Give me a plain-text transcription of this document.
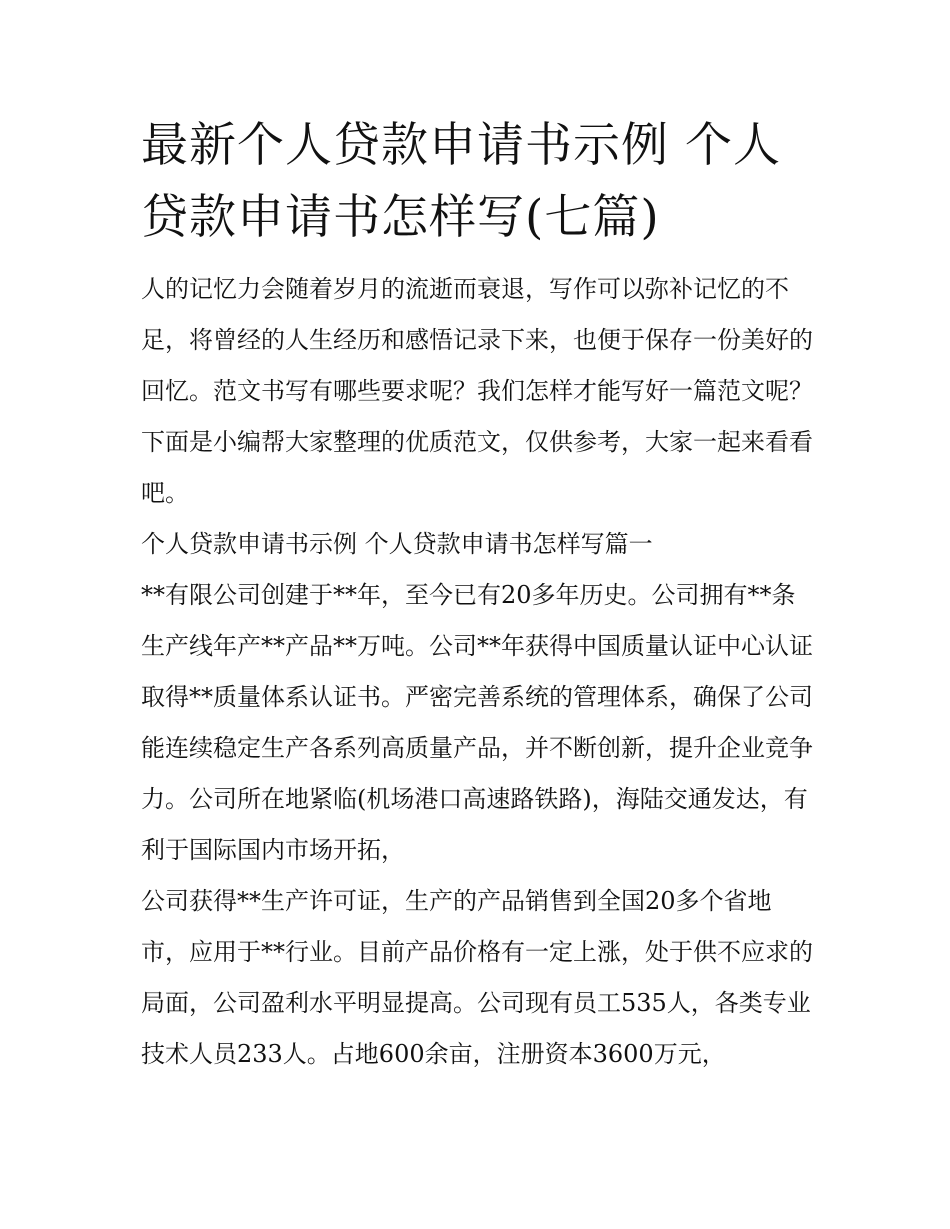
最新个人贷款申请书示例 个人贷款申请书怎样写(七篇)

人的记忆力会随着岁月的流逝而衰退，写作可以弥补记忆的不足，将曾经的人生经历和感悟记录下来，也便于保存一份美好的回忆。范文书写有哪些要求呢？我们怎样才能写好一篇范文呢？下面是小编帮大家整理的优质范文，仅供参考，大家一起来看看吧。

个人贷款申请书示例 个人贷款申请书怎样写篇一

**有限公司创建于**年，至今已有20多年历史。公司拥有**条生产线年产**产品**万吨。公司**年获得中国质量认证中心认证取得**质量体系认证书。严密完善系统的管理体系，确保了公司能连续稳定生产各系列高质量产品，并不断创新，提升企业竞争力。公司所在地紧临(机场港口高速路铁路)，海陆交通发达，有利于国际国内市场开拓，

公司获得**生产许可证，生产的产品销售到全国20多个省地市，应用于**行业。目前产品价格有一定上涨，处于供不应求的局面，公司盈利水平明显提高。公司现有员工535人，各类专业技术人员233人。占地600余亩，注册资本3600万元，
